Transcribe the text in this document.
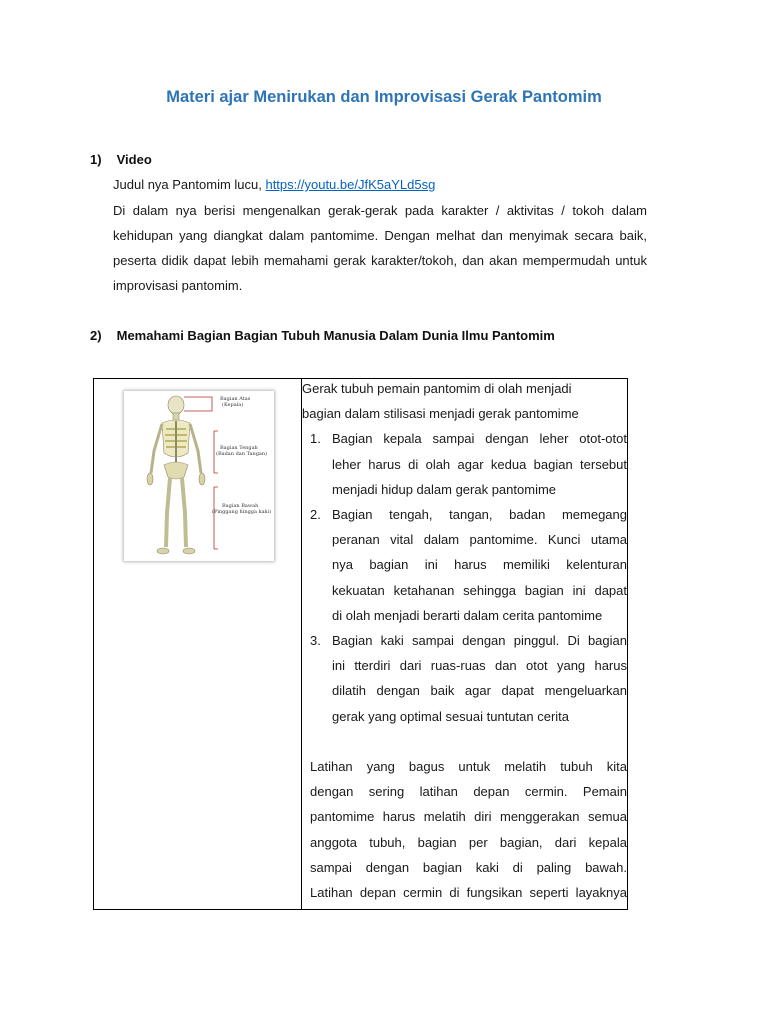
Materi ajar Menirukan dan Improvisasi Gerak Pantomim
1) Video
Judul nya Pantomim lucu, https://youtu.be/JfK5aYLd5sg
Di dalam nya berisi mengenalkan gerak-gerak pada karakter / aktivitas / tokoh dalam
kehidupan yang diangkat dalam pantomime. Dengan melhat dan menyimak secara baik,
peserta didik dapat lebih memahami gerak karakter/tokoh, dan akan mempermudah untuk
improvisasi pantomim.
2) Memahami Bagian Bagian Tubuh Manusia Dalam Dunia Ilmu Pantomim
Bagian Atas
(Kepala)
Bagian Tengah
(Badan dan Tangan)
Bagian Bawah
(Pinggang hingga kaki)

Gerak tubuh pemain pantomim di olah menjadi
bagian dalam stilisasi menjadi gerak pantomime
1. Bagian kepala sampai dengan leher otot-otot
leher harus di olah agar kedua bagian tersebut
menjadi hidup dalam gerak pantomime
2. Bagian tengah, tangan, badan memegang
peranan vital dalam pantomime. Kunci utama
nya bagian ini harus memiliki kelenturan
kekuatan ketahanan sehingga bagian ini dapat
di olah menjadi berarti dalam cerita pantomime
3. Bagian kaki sampai dengan pinggul. Di bagian
ini tterdiri dari ruas-ruas dan otot yang harus
dilatih dengan baik agar dapat mengeluarkan
gerak yang optimal sesuai tuntutan cerita

Latihan yang bagus untuk melatih tubuh kita
dengan sering latihan depan cermin. Pemain
pantomime harus melatih diri menggerakan semua
anggota tubuh, bagian per bagian, dari kepala
sampai dengan bagian kaki di paling bawah.
Latihan depan cermin di fungsikan seperti layaknya
